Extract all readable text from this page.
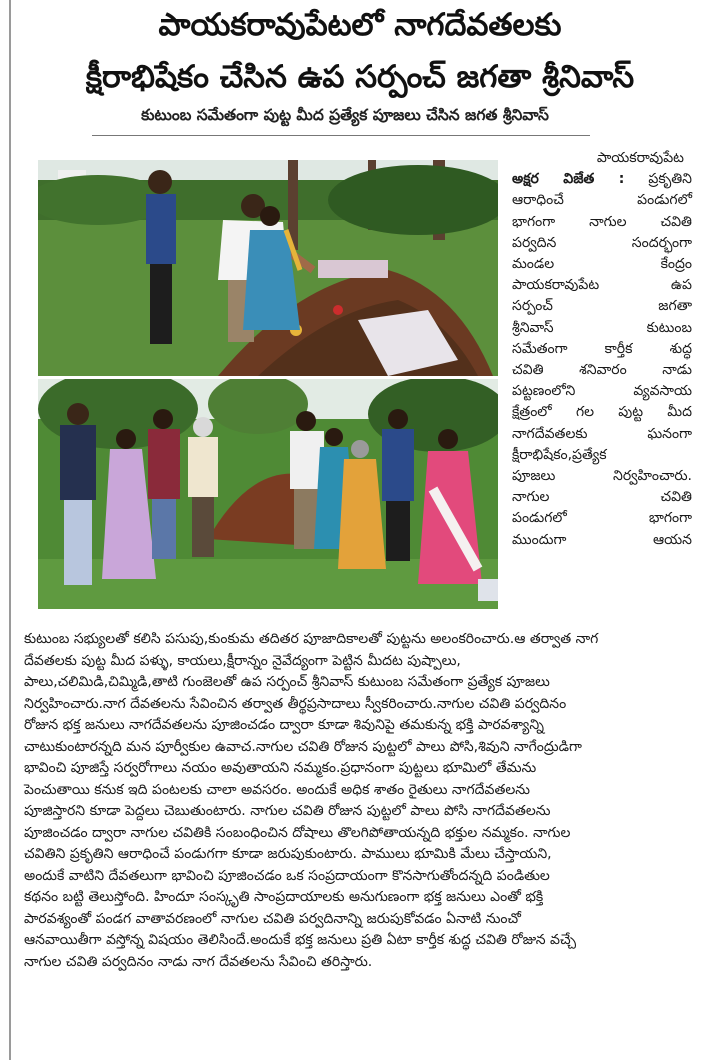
పాయకరావుపేటలో నాగదేవతలకు
క్షీరాభిషేకం చేసిన ఉప సర్పంచ్ జగతా శ్రీనివాస్
కుటుంబ సమేతంగా పుట్ట మీద ప్రత్యేక పూజలు చేసిన జగత శ్రీనివాస్
పాయకరావుపేట

అక్షర విజేత : ప్రకృతిని

ఆరాధించే పండుగలో

భాగంగా నాగుల చవితి

పర్వదిన సందర్భంగా

మండల కేంద్రం

పాయకరావుపేట ఉప

సర్పంచ్ జగతా

శ్రీనివాస్ కుటుంబ

సమేతంగా కార్తీక శుద్ధ

చవితి శనివారం నాడు

పట్టణంలోని వ్యవసాయ

క్షేత్రంలో గల పుట్ట మీద

నాగదేవతలకు ఘనంగా

క్షీరాభిషేకం,ప్రత్యేక

పూజలు నిర్వహించారు.

నాగుల చవితి

పండుగలో భాగంగా

ముందుగా ఆయన

కుటుంబ సభ్యులతో కలిసి పసుపు,కుంకుమ తదితర పూజాదికాలతో పుట్టను అలంకరించారు.ఆ తర్వాత నాగ

దేవతలకు పుట్ట మీద పళ్ళు, కాయలు,క్షీరాన్నం నైవేద్యంగా పెట్టిన మీదట పుష్పాలు,

పాలు,చలిమిడి,చిమ్మిడి,తాటి గుంజెలతో ఉప సర్పంచ్ శ్రీనివాస్ కుటుంబ సమేతంగా ప్రత్యేక పూజలు

నిర్వహించారు.నాగ దేవతలను సేవించిన తర్వాత తీర్థప్రసాదాలు స్వీకరించారు.నాగుల చవితి పర్వదినం

రోజున భక్త జనులు నాగదేవతలను పూజించడం ద్వారా కూడా శివునిపై తమకున్న భక్తి పారవశ్యాన్ని

చాటుకుంటారన్నది మన పూర్వీకుల ఉవాచ.నాగుల చవితి రోజున పుట్టలో పాలు పోసి,శివుని నాగేంద్రుడిగా

భావించి పూజిస్తే సర్వరోగాలు నయం అవుతాయని నమ్మకం.ప్రధానంగా పుట్టలు భూమిలో తేమను

పెంచుతాయి కనుక ఇది పంటలకు చాలా అవసరం. అందుకే అధిక శాతం రైతులు నాగదేవతలను

పూజిస్తారని కూడా పెద్దలు చెబుతుంటారు. నాగుల చవితి రోజున పుట్టలో పాలు పోసి నాగదేవతలను

పూజించడం ద్వారా నాగుల చవితికి సంబంధించిన దోషాలు తొలగిపోతాయన్నది భక్తుల నమ్మకం. నాగుల

చవితిని ప్రకృతిని ఆరాధించే పండుగగా కూడా జరుపుకుంటారు. పాములు భూమికి మేలు చేస్తాయని,

అందుకే వాటిని దేవతలుగా భావించి పూజించడం ఒక సంప్రదాయంగా కొనసాగుతోందన్నది పండితుల

కథనం బట్టి తెలుస్తోంది. హిందూ సంస్కృతి సాంప్రదాయాలకు అనుగుణంగా భక్త జనులు ఎంతో భక్తి

పారవశ్యంతో పండగ వాతావరణంలో నాగుల చవితి పర్వదినాన్ని జరుపుకోవడం ఏనాటి నుంచో

ఆనవాయితీగా వస్తోన్న విషయం తెలిసిందే.అందుకే భక్త జనులు ప్రతి ఏటా కార్తీక శుద్ధ చవితి రోజున వచ్చే

నాగుల చవితి పర్వదినం నాడు నాగ దేవతలను సేవించి తరిస్తారు.
